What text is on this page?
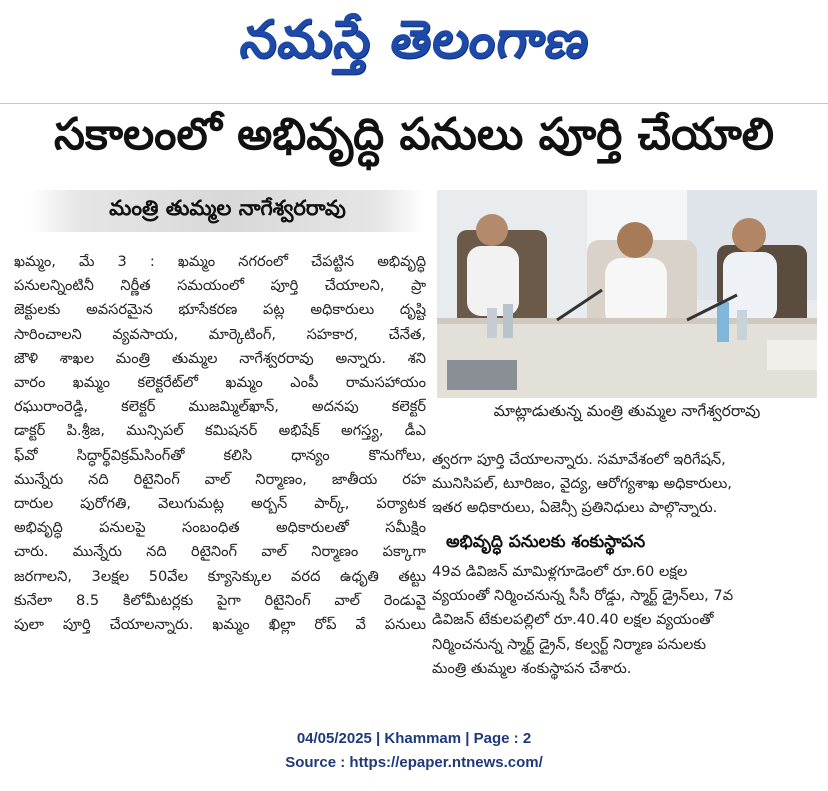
నమస్తే తెలంగాణ
సకాలంలో అభివృద్ధి పనులు పూర్తి చేయాలి
మంత్రి తుమ్మల నాగేశ్వరరావు

ఖమ్మం, మే 3 : ఖమ్మం నగరంలో చేపట్టిన అభివృద్ధి

పనులన్నింటినీ నిర్ణీత సమయంలో పూర్తి చేయాలని, ప్రా

జెక్టులకు అవసరమైన భూసేకరణ పట్ల అధికారులు దృష్టి

సారించాలని వ్యవసాయ, మార్కెటింగ్, సహకార, చేనేత,

జౌళి శాఖల మంత్రి తుమ్మల నాగేశ్వరరావు అన్నారు. శని

వారం ఖమ్మం కలెక్టరేట్‌లో ఖమ్మం ఎంపీ రామసహాయం

రఘురాంరెడ్డి, కలెక్టర్ ముజమ్మిల్‌ఖాన్, అదనపు కలెక్టర్

డాక్టర్ పి.శ్రీజ, మున్సిపల్ కమిషనర్ అభిషేక్ అగస్త్య, డీఎ

ఫ్‌వో సిద్ధార్థ్‌విక్రమ్‌సింగ్‌తో కలిసి ధాన్యం కొనుగోలు,

మున్నేరు నది రిటైనింగ్ వాల్ నిర్మాణం, జాతీయ రహ

దారుల పురోగతి, వెలుగుమట్ల అర్బన్ పార్క్, పర్యాటక

అభివృద్ధి పనులపై సంబంధిత అధికారులతో సమీక్షిం

చారు. మున్నేరు నది రిటైనింగ్ వాల్ నిర్మాణం పక్కాగా

జరగాలని, 3లక్షల 50వేల క్యూసెక్కుల వరద ఉధృతి తట్టు

కునేలా 8.5 కిలోమీటర్లకు పైగా రిటైనింగ్ వాల్ రెండువై

పులా పూర్తి చేయాలన్నారు. ఖమ్మం ఖిల్లా రోప్ వే పనులు

మాట్లాడుతున్న మంత్రి తుమ్మల నాగేశ్వరరావు

త్వరగా పూర్తి చేయాలన్నారు. సమావేశంలో ఇరిగేషన్,

మునిసిపల్, టూరిజం, వైద్య, ఆరోగ్యశాఖ అధికారులు,

ఇతర అధికారులు, ఏజెన్సీ ప్రతినిధులు పాల్గొన్నారు.

అభివృద్ధి పనులకు శంకుస్థాపన

49వ డివిజన్ మామిళ్లగూడెంలో రూ.60 లక్షల

వ్యయంతో నిర్మించనున్న సీసీ రోడ్డు, స్మార్ట్ డ్రైన్‌లు, 7వ

డివిజన్ టేకులపల్లిలో రూ.40.40 లక్షల వ్యయంతో

నిర్మించనున్న స్మార్ట్ డ్రైన్, కల్వర్ట్ నిర్మాణ పనులకు

మంత్రి తుమ్మల శంకుస్థాపన చేశారు.

04/05/2025 | Khammam | Page : 2
Source : https://epaper.ntnews.com/
